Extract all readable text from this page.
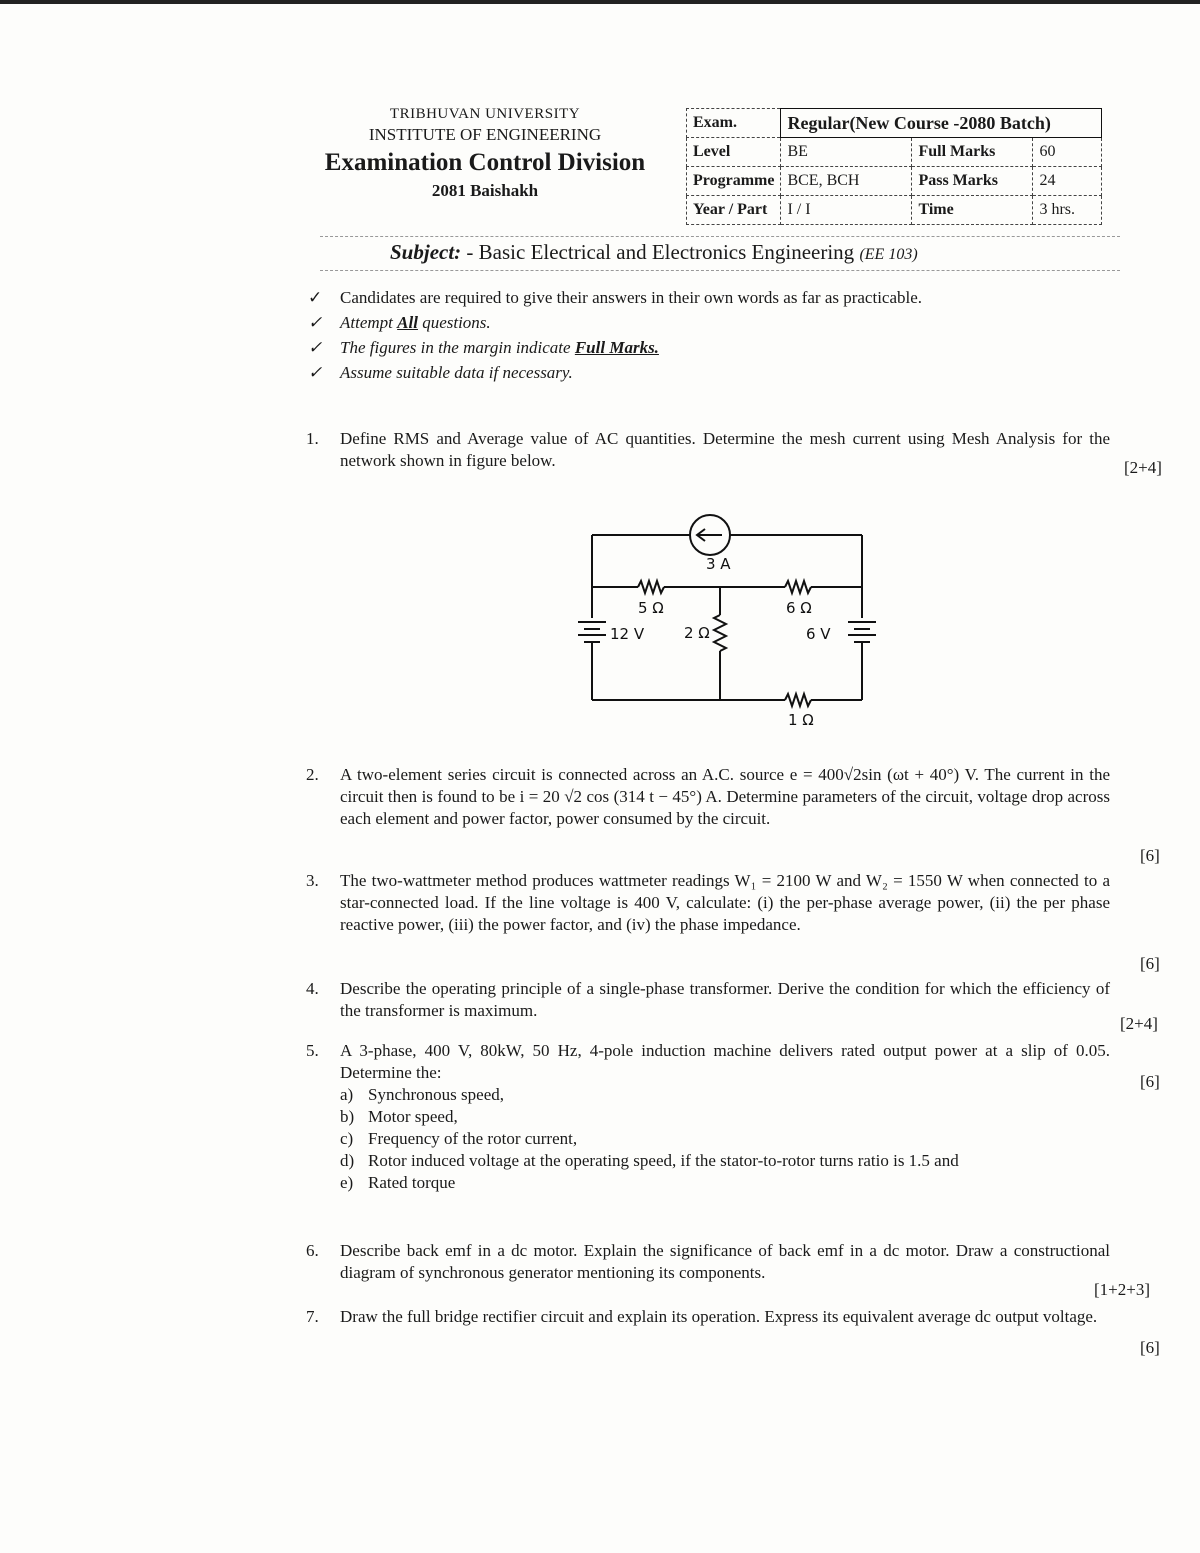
TRIBHUVAN UNIVERSITY
INSTITUTE OF ENGINEERING
Examination Control Division
2081 Baishakh
Exam.	Regular(New Course -2080 Batch)		
Level	BE	Full Marks	60
Programme	BCE, BCH	Pass Marks	24
Year / Part	I / I	Time	3 hrs.
Subject: - Basic Electrical and Electronics Engineering (EE 103)
✓ Candidates are required to give their answers in their own words as far as practicable.
✓ Attempt All questions.
✓ The figures in the margin indicate Full Marks.
✓ Assume suitable data if necessary.
1. Define RMS and Average value of AC quantities. Determine the mesh current using Mesh Analysis for the network shown in figure below.	[2+4]
3 A
5 Ω	6 Ω
2 Ω
12 V	6 V
1 Ω
2. A two-element series circuit is connected across an A.C. source e = 400√2sin (ωt + 40°) V. The current in the circuit then is found to be i = 20 √2 cos (314 t − 45°) A. Determine parameters of the circuit, voltage drop across each element and power factor, power consumed by the circuit.
[6]
3. The two-wattmeter method produces wattmeter readings W₁ = 2100 W and W₂ = 1550 W when connected to a star-connected load. If the line voltage is 400 V, calculate: (i) the per-phase average power, (ii) the per phase reactive power, (iii) the power factor, and (iv) the phase impedance.
[6]
4. Describe the operating principle of a single-phase transformer. Derive the condition for which the efficiency of the transformer is maximum.
[2+4]
5. A 3-phase, 400 V, 80kW, 50 Hz, 4-pole induction machine delivers rated output power at a slip of 0.05. Determine the:
a) Synchronous speed,
b) Motor speed,
c) Frequency of the rotor current,
d) Rotor induced voltage at the operating speed, if the stator-to-rotor turns ratio is 1.5 and
e) Rated torque
[6]
6. Describe back emf in a dc motor. Explain the significance of back emf in a dc motor. Draw a constructional diagram of synchronous generator mentioning its components.
[1+2+3]
7. Draw the full bridge rectifier circuit and explain its operation. Express its equivalent average dc output voltage.
[6]
